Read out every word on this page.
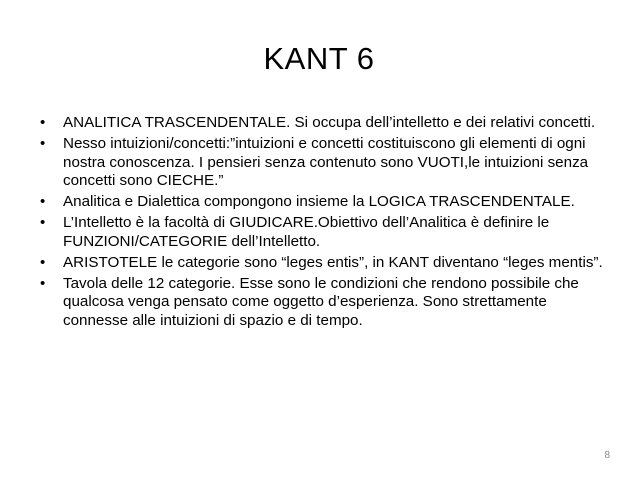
KANT 6
• ANALITICA TRASCENDENTALE. Si occupa dell’intelletto e dei relativi concetti.
• Nesso intuizioni/concetti:”intuizioni e concetti costituiscono gli elementi di ogni nostra conoscenza. I pensieri senza contenuto sono VUOTI,le intuizioni senza concetti sono CIECHE.”
• Analitica e Dialettica compongono insieme la LOGICA TRASCENDENTALE.
• L’Intelletto è la facoltà di GIUDICARE.Obiettivo dell’Analitica è definire le FUNZIONI/CATEGORIE dell’Intelletto.
• ARISTOTELE le categorie sono “leges entis”, in KANT diventano “leges mentis”.
• Tavola delle 12 categorie. Esse sono le condizioni che rendono possibile che qualcosa venga pensato come oggetto d’esperienza. Sono strettamente connesse alle intuizioni di spazio e di tempo.
8
